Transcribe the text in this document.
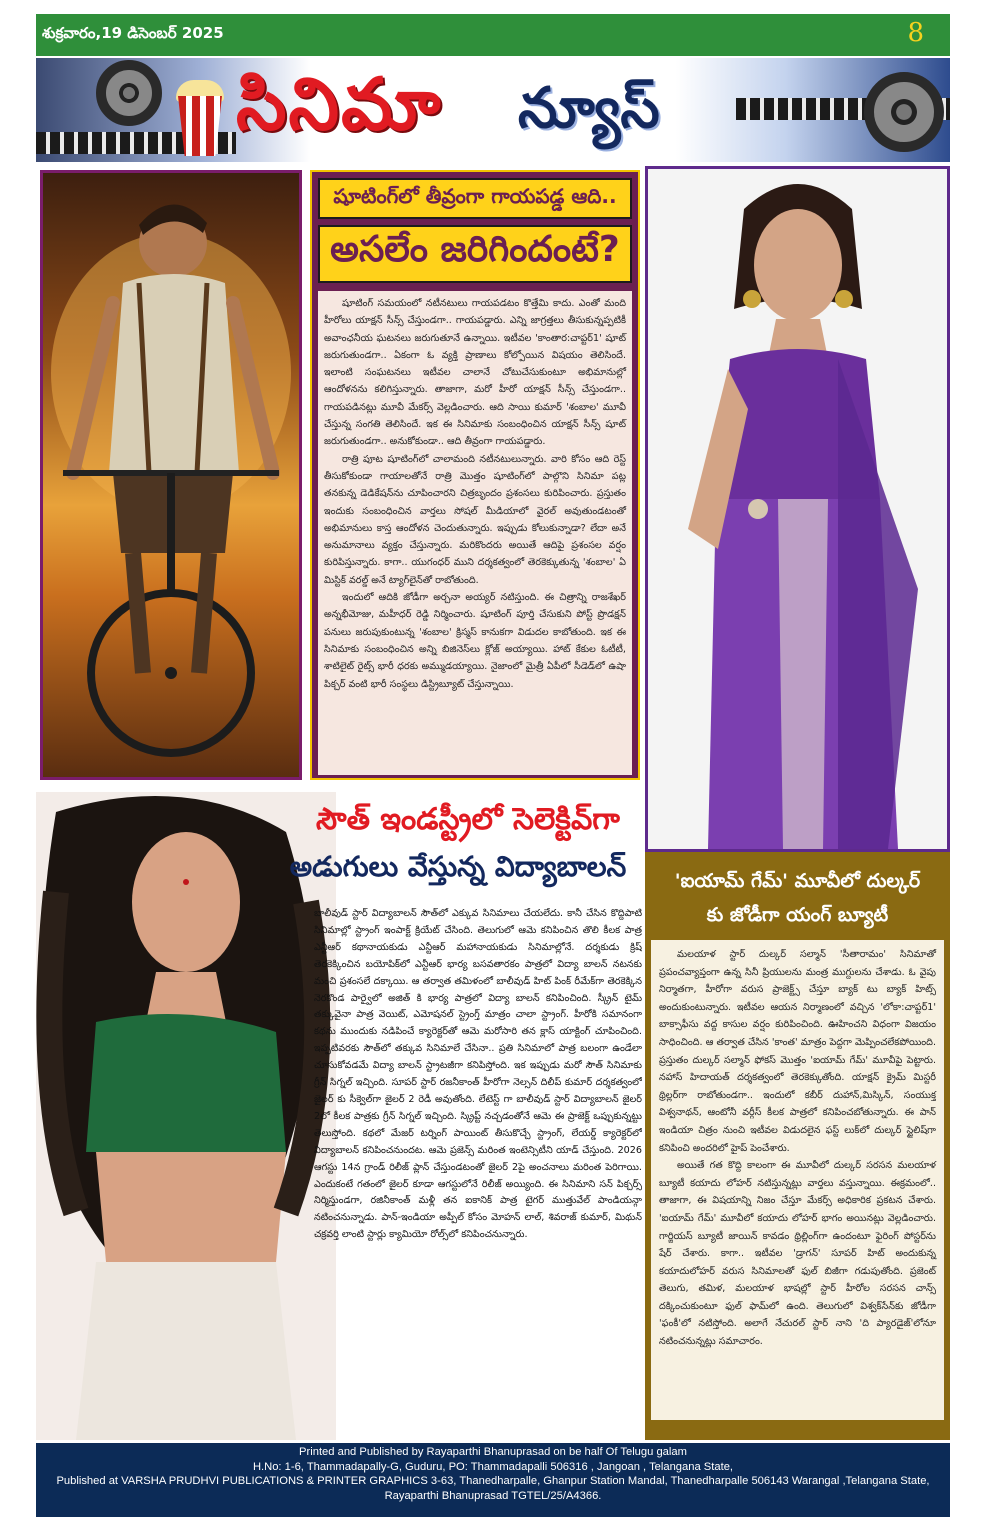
శుక్రవారం,19 డిసెంబర్ 2025	8
సినిమా న్యూస్
షూటింగ్‌లో తీవ్రంగా గాయపడ్డ ఆది..
అసలేం జరిగిందంటే?

షూటింగ్ సమయంలో నటీనటులు గాయపడటం కొత్తేమి కాదు. ఎంతో మంది హీరోలు యాక్షన్ సీన్స్ చేస్తుండగా.. గాయపడ్డారు. ఎన్ని జాగ్రత్తలు తీసుకున్నప్పటికీ అవాంఛనీయ ఘటనలు జరుగుతూనే ఉన్నాయి. ఇటీవల 'కాంతార:చాప్టర్1' షూట్ జరుగుతుండగా.. ఏకంగా ఓ వ్యక్తి ప్రాణాలు కోల్పోయిన విషయం తెలిసిందే. ఇలాంటి సంఘటనలు ఇటీవల చాలానే చోటుచేసుకుంటూ అభిమానుల్లో ఆందోళనను కలిగిస్తున్నారు. తాజాగా, మరో హీరో యాక్షన్ సీన్స్ చేస్తుండగా.. గాయపడినట్లు మూవీ మేకర్స్ వెల్లడించారు. ఆది సాయి కుమార్ 'శంబాల' మూవీ చేస్తున్న సంగతి తెలిసిందే. ఇక ఈ సినిమాకు సంబంధించిన యాక్షన్ సీన్స్ షూట్ జరుగుతుండగా.. అనుకోకుండా.. ఆది తీవ్రంగా గాయపడ్డారు.

రాత్రి పూట షూటింగ్‌లో చాలామంది నటీనటులున్నారు. వారి కోసం ఆది రెస్ట్ తీసుకోకుండా గాయాలతోనే రాత్రి మొత్తం షూటింగ్‌లో పాల్గొని సినిమా పట్ల తనకున్న డెడికేషన్‌ను చూపించారని చిత్రబృందం ప్రశంసలు కురిపించారు. ప్రస్తుతం ఇందుకు సంబంధించిన వార్తలు సోషల్ మీడియాలో వైరల్ అవుతుండటంతో అభిమానులు కాస్త ఆందోళన చెందుతున్నారు. ఇప్పుడు కోలుకున్నాడా? లేదా అనే అనుమానాలు వ్యక్తం చేస్తున్నారు. మరికొందరు అయితే ఆదిపై ప్రశంసల వర్షం కురిపిస్తున్నారు. కాగా.. యుగంధర్ ముని దర్శకత్వంలో తెరకెక్కుతున్న 'శంబాల' ఏ మిస్టిక్ వరల్డ్ అనే ట్యాగ్‌లైన్‌తో రాబోతుంది.

ఇందులో ఆదికి జోడీగా అర్చనా అయ్యర్ నటిస్తుంది. ఈ చిత్రాన్ని రాజశేఖర్ అన్నభీమోజు, మహీధర్ రెడ్డి నిర్మించారు. షూటింగ్ పూర్తి చేసుకుని పోస్ట్ ప్రొడక్షన్ పనులు జరుపుకుంటున్న 'శంబాల' క్రిస్మస్ కానుకగా విడుదల కాబోతుంది. ఇక ఈ సినిమాకు సంబంధించిన అన్ని బిజినెస్‌లు క్లోజ్ అయ్యాయి. హాట్ కేకుల ఓటీటీ, శాటిలైట్ రైట్స్ భారీ ధరకు అమ్ముడయ్యాయి. నైజాంలో మైత్రీ ఏపీలో సీడెడ్‌లో ఉషా పిక్చర్ వంటి భారీ సంస్థలు డిస్ట్రిబ్యూట్ చేస్తున్నాయి.

సౌత్ ఇండస్ట్రీలో సెలెక్టివ్‌గా
అడుగులు వేస్తున్న విద్యాబాలన్
బాలీవుడ్ స్టార్ విద్యాబాలన్ సౌత్‌లో ఎక్కువ సినిమాలు చేయలేదు. కానీ చేసిన కొద్దిపాటి సినిమాల్లో స్ట్రాంగ్ ఇంపాక్ట్ క్రియేట్ చేసింది. తెలుగులో ఆమె కనిపించిన తొలి కీలక పాత్ర ఎన్టీఆర్ కథానాయకుడు ఎన్టీఆర్ మహానాయకుడు సినిమాల్లోనే. దర్శకుడు క్రిష్ తెరకెక్కించిన బయోపిక్‌లో ఎన్టీఆర్ భార్య బసవతారకం పాత్రలో విద్యా బాలన్ నటనకు మంచి ప్రశంసలే దక్కాయి. ఆ తర్వాత తమిళంలో బాలీవుడ్ హిట్ పింక్ రీమేక్‌గా తెరకెక్కిన నెరకొండ పార్వైలో అజిత్ కి భార్య పాత్రలో విద్యా బాలన్ కనిపించింది. స్క్రీన్ టైమ్ తక్కువైనా పాత్ర వెయిట్, ఎమోషనల్ స్ట్రెంగ్త్ మాత్రం చాలా స్ట్రాంగ్. హీరోకి సమానంగా కథను ముందుకు నడిపించే క్యారెక్టర్‌తో ఆమె మరోసారి తన క్లాస్ యాక్టింగ్ చూపించింది. ఇప్పటివరకు సౌత్‌లో తక్కువ సినిమాలే చేసినా.. ప్రతి సినిమాలో పాత్ర బలంగా ఉండేలా చూసుకోవడమే విద్యా బాలన్ స్ట్రాటజీగా కనిపిస్తోంది. ఇక ఇప్పుడు మరో సౌత్ సినిమాకు గ్రీన్ సిగ్నల్ ఇచ్చింది. సూపర్ స్టార్ రజనీకాంత్ హీరోగా నెల్సన్ దిలీప్ కుమార్ దర్శకత్వంలో జైలర్ కు సీక్వెల్‌గా జైలర్ 2 రెడీ అవుతోంది. లేటెస్ట్ గా బాలీవుడ్ స్టార్ విద్యాబాలన్ జైలర్ 2లో కీలక పాత్రకు గ్రీన్ సిగ్నల్ ఇచ్చింది. స్క్రిప్ట్ నచ్చడంతోనే ఆమె ఈ ప్రాజెక్ట్ ఒప్పుకున్నట్టు తెలుస్తోంది. కథలో మేజర్ టర్నింగ్ పాయింట్ తీసుకొచ్చే స్ట్రాంగ్, లేయర్డ్ క్యారెక్టర్‌లో విద్యాబాలన్ కనిపించనుందట. ఆమె ప్రజెన్స్ మరింత ఇంటెన్సిటీని యాడ్ చేస్తుంది. 2026 ఆగస్టు 14న గ్రాండ్ రిలీజ్ ప్లాన్ చేస్తుండటంతో జైలర్ 2పై అంచనాలు మరింత పెరిగాయి. ఎందుకంటే గతంలో జైలర్ కూడా ఆగస్టులోనే రిలీజ్ అయ్యింది. ఈ సినిమాని సన్ పిక్చర్స్ నిర్మిస్తుండగా, రజినీకాంత్ మళ్లీ తన ఐకానిక్ పాత్ర టైగర్ ముత్తువేల్ పాండియన్గా నటించనున్నాడు. పాన్-ఇండియా అప్పీల్ కోసం మోహన్ లాల్, శివరాజ్ కుమార్, మిథున్ చక్రవర్తి లాంటి స్టార్లు క్యామియో రోల్స్‌లో కనిపించనున్నారు.
'ఐయామ్ గేమ్' మూవీలో దుల్కర్
కు జోడీగా యంగ్ బ్యూటీ

మలయాళ స్టార్ దుల్కర్ సల్మాన్ 'సీతారామం' సినిమాతో ప్రపంచవ్యాప్తంగా ఉన్న సినీ ప్రియులను మంత్ర ముగ్దులను చేశాడు. ఓ వైపు నిర్మాతగా, హీరోగా వరుస ప్రాజెక్ట్స్ చేస్తూ బ్యాక్ టు బ్యాక్ హిట్స్ అందుకుంటున్నారు. ఇటీవల ఆయన నిర్మాణంలో వచ్చిన 'లోకా:చాప్టర్1' బాక్సాఫీసు వద్ద కాసుల వర్షం కురిపించింది. ఊహించని విధంగా విజయం సాధించింది. ఆ తర్వాత చేసిన 'కాంత' మాత్రం పెద్దగా మెప్పించలేకపోయింది. ప్రస్తుతం దుల్కర్ సల్మాన్ ఫోకస్ మొత్తం 'ఐయామ్ గేమ్' మూవీపై పెట్టారు. నహాస్ హిదాయత్ దర్శకత్వంలో తెరకెక్కుతోంది. యాక్షన్ క్రైమ్ మిస్టరీ థ్రిల్లర్‌గా రాబోతుండగా.. ఇందులో కబీర్ దుహాన్,మిస్కిన్, సంయుక్త విశ్వనాథన్, ఆంటోనీ వర్గీస్ కీలక పాత్రలో కనిపించబోతున్నారు. ఈ పాన్ ఇండియా చిత్రం నుంచి ఇటీవల విడుదలైన ఫస్ట్ లుక్‌లో దుల్కర్ స్టైలిష్‌గా కనిపించి అందరిలో హైప్ పెంచేశారు.

అయితే గత కొద్ది కాలంగా ఈ మూవీలో దుల్కర్ సరసన మలయాళ బ్యూటీ కయాదు లోహర్ నటిస్తున్నట్లు వార్తలు వస్తున్నాయి. ఈక్రమంలో.. తాజాగా, ఈ విషయాన్ని నిజం చేస్తూ మేకర్స్ అధికారిక ప్రకటన చేశారు. 'ఐయామ్ గేమ్' మూవీలో కయాదు లోహర్ భాగం అయినట్లు వెల్లడించారు. గార్జియస్ బ్యూటీ జాయిన్ కావడం థ్రిల్లింగ్‌గా ఉందంటూ ఫైరింగ్ పోస్టర్‌ను షేర్ చేశారు. కాగా.. ఇటీవల 'డ్రాగన్' సూపర్ హిట్ అందుకున్న కయాదులోహర్ వరుస సినిమాలతో ఫుల్ బిజీగా గడుపుతోంది. ప్రజెంట్ తెలుగు, తమిళ, మలయాళ భాషల్లో స్టార్ హీరోల సరసన చాన్స్ దక్కించుకుంటూ ఫుల్ ఫామ్‌లో ఉంది. తెలుగులో విశ్వక్‌సేన్‌కు జోడీగా 'ఫంకీ'లో నటిస్తోంది. అలాగే నేచురల్ స్టార్ నాని 'ది ప్యారడైజ్'లోనూ నటించనున్నట్లు సమాచారం.

Printed and Published by Rayaparthi Bhanuprasad on be half Of Telugu galam
H.No: 1-6, Thammadapally-G, Guduru, PO: Thammadapalli 506316 , Jangoan , Telangana State,
Published at VARSHA PRUDHVI PUBLICATIONS & PRINTER GRAPHICS 3-63, Thanedharpalle, Ghanpur Station Mandal, Thanedharpalle 506143 Warangal ,Telangana State,
Rayaparthi Bhanuprasad TGTEL/25/A4366.
